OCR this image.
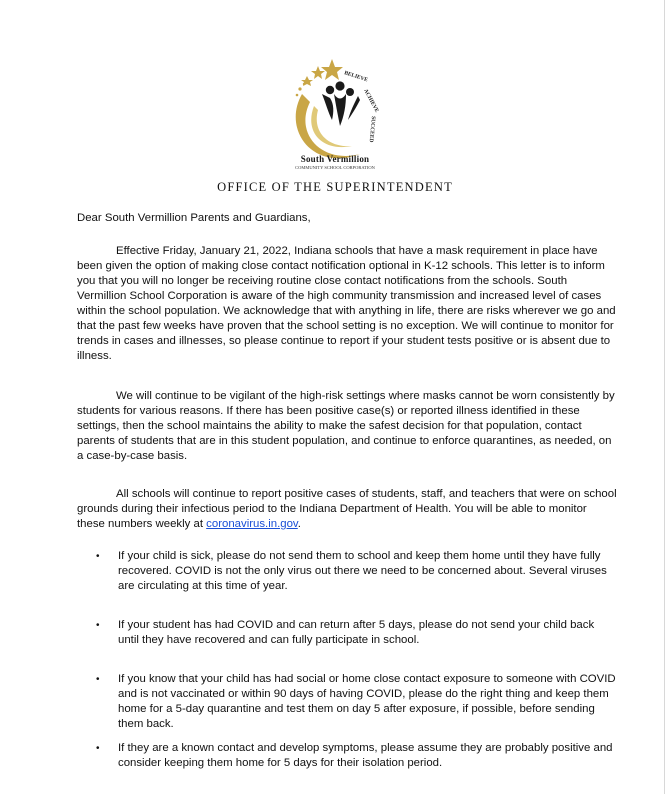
BELIEVE
ACHIEVE
SUCCEED
South Vermillion
COMMUNITY SCHOOL CORPORATION
OFFICE OF THE SUPERINTENDENT
Dear South Vermillion Parents and Guardians,
Effective Friday, January 21, 2022, Indiana schools that have a mask requirement in place have been given the option of making close contact notification optional in K-12 schools. This letter is to inform you that you will no longer be receiving routine close contact notifications from the schools. South Vermillion School Corporation is aware of the high community transmission and increased level of cases within the school population. We acknowledge that with anything in life, there are risks wherever we go and that the past few weeks have proven that the school setting is no exception. We will continue to monitor for trends in cases and illnesses, so please continue to report if your student tests positive or is absent due to illness.
We will continue to be vigilant of the high-risk settings where masks cannot be worn consistently by students for various reasons. If there has been positive case(s) or reported illness identified in these settings, then the school maintains the ability to make the safest decision for that population, contact parents of students that are in this student population, and continue to enforce quarantines, as needed, on a case-by-case basis.
All schools will continue to report positive cases of students, staff, and teachers that were on school grounds during their infectious period to the Indiana Department of Health. You will be able to monitor these numbers weekly at coronavirus.in.gov.
•	If your child is sick, please do not send them to school and keep them home until they have fully recovered. COVID is not the only virus out there we need to be concerned about. Several viruses are circulating at this time of year.
•	If your student has had COVID and can return after 5 days, please do not send your child back until they have recovered and can fully participate in school.
•	If you know that your child has had social or home close contact exposure to someone with COVID and is not vaccinated or within 90 days of having COVID, please do the right thing and keep them home for a 5-day quarantine and test them on day 5 after exposure, if possible, before sending them back.
•	If they are a known contact and develop symptoms, please assume they are probably positive and consider keeping them home for 5 days for their isolation period.
